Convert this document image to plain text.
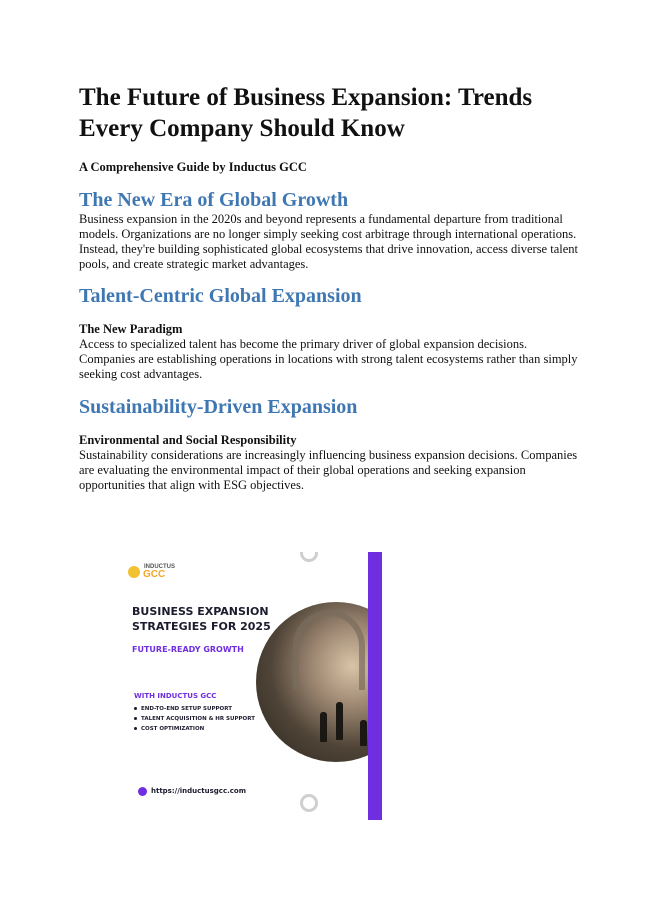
The Future of Business Expansion: Trends Every Company Should Know
A Comprehensive Guide by Inductus GCC
The New Era of Global Growth

Business expansion in the 2020s and beyond represents a fundamental departure from traditional models. Organizations are no longer simply seeking cost arbitrage through international operations. Instead, they're building sophisticated global ecosystems that drive innovation, access diverse talent pools, and create strategic market advantages.

Talent-Centric Global Expansion
The New Paradigm

Access to specialized talent has become the primary driver of global expansion decisions. Companies are establishing operations in locations with strong talent ecosystems rather than simply seeking cost advantages.

Sustainability-Driven Expansion
Environmental and Social Responsibility

Sustainability considerations are increasingly influencing business expansion decisions. Companies are evaluating the environmental impact of their global operations and seeking expansion opportunities that align with ESG objectives.

INDUCTUS
GCC
BUSINESS EXPANSION STRATEGIES FOR 2025
FUTURE-READY GROWTH
WITH INDUCTUS GCC
END-TO-END SETUP SUPPORT
TALENT ACQUISITION & HR SUPPORT
COST OPTIMIZATION
https://inductusgcc.com
